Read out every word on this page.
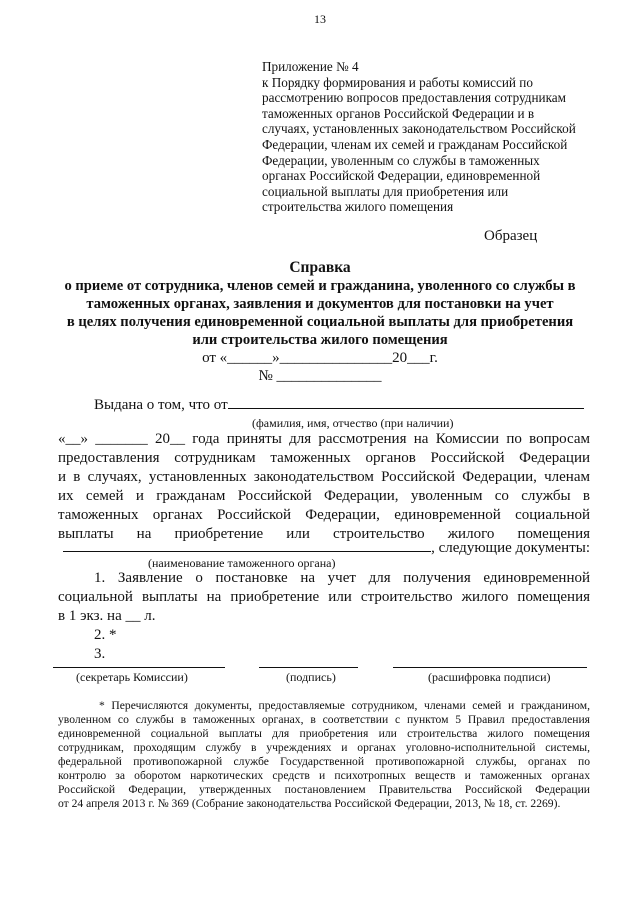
13
Приложение № 4
к Порядку формирования и работы комиссий по
рассмотрению вопросов предоставления сотрудникам
таможенных органов Российской Федерации и в
случаях, установленных законодательством Российской
Федерации, членам их семей и гражданам Российской
Федерации, уволенным со службы в таможенных
органах Российской Федерации, единовременной
социальной выплаты для приобретения или
строительства жилого помещения
Образец
Справка
о приеме от сотрудника, членов семей и гражданина, уволенного со службы в
таможенных органах, заявления и документов для постановки на учет
в целях получения единовременной социальной выплаты для приобретения
или строительства жилого помещения
от «______»_______________20___г.
№ ______________
Выдана о том, что от
(фамилия, имя, отчество (при наличии)
«__» _______ 20__ года приняты для рассмотрения на Комиссии по вопросам
предоставления сотрудникам таможенных органов Российской Федерации
и в случаях, установленных законодательством Российской Федерации, членам
их семей и гражданам Российской Федерации, уволенным со службы в
таможенных органах Российской Федерации, единовременной социальной
выплаты на приобретение или строительство жилого помещения
, следующие документы:
(наименование таможенного органа)
1. Заявление о постановке на учет для получения единовременной
социальной выплаты на приобретение или строительство жилого помещения
в 1 экз. на __ л.
2. *
3.
(секретарь Комиссии)	(подпись)	(расшифровка подписи)
* Перечисляются документы, предоставляемые сотрудником, членами семей и гражданином,
уволенном со службы в таможенных органах, в соответствии с пунктом 5 Правил предоставления
единовременной социальной выплаты для приобретения или строительства жилого помещения
сотрудникам, проходящим службу в учреждениях и органах уголовно-исполнительной системы,
федеральной противопожарной службе Государственной противопожарной службы, органах по
контролю за оборотом наркотических средств и психотропных веществ и таможенных органах
Российской Федерации, утвержденных постановлением Правительства Российской Федерации
от 24 апреля 2013 г. № 369 (Собрание законодательства Российской Федерации, 2013, № 18, ст. 2269).
